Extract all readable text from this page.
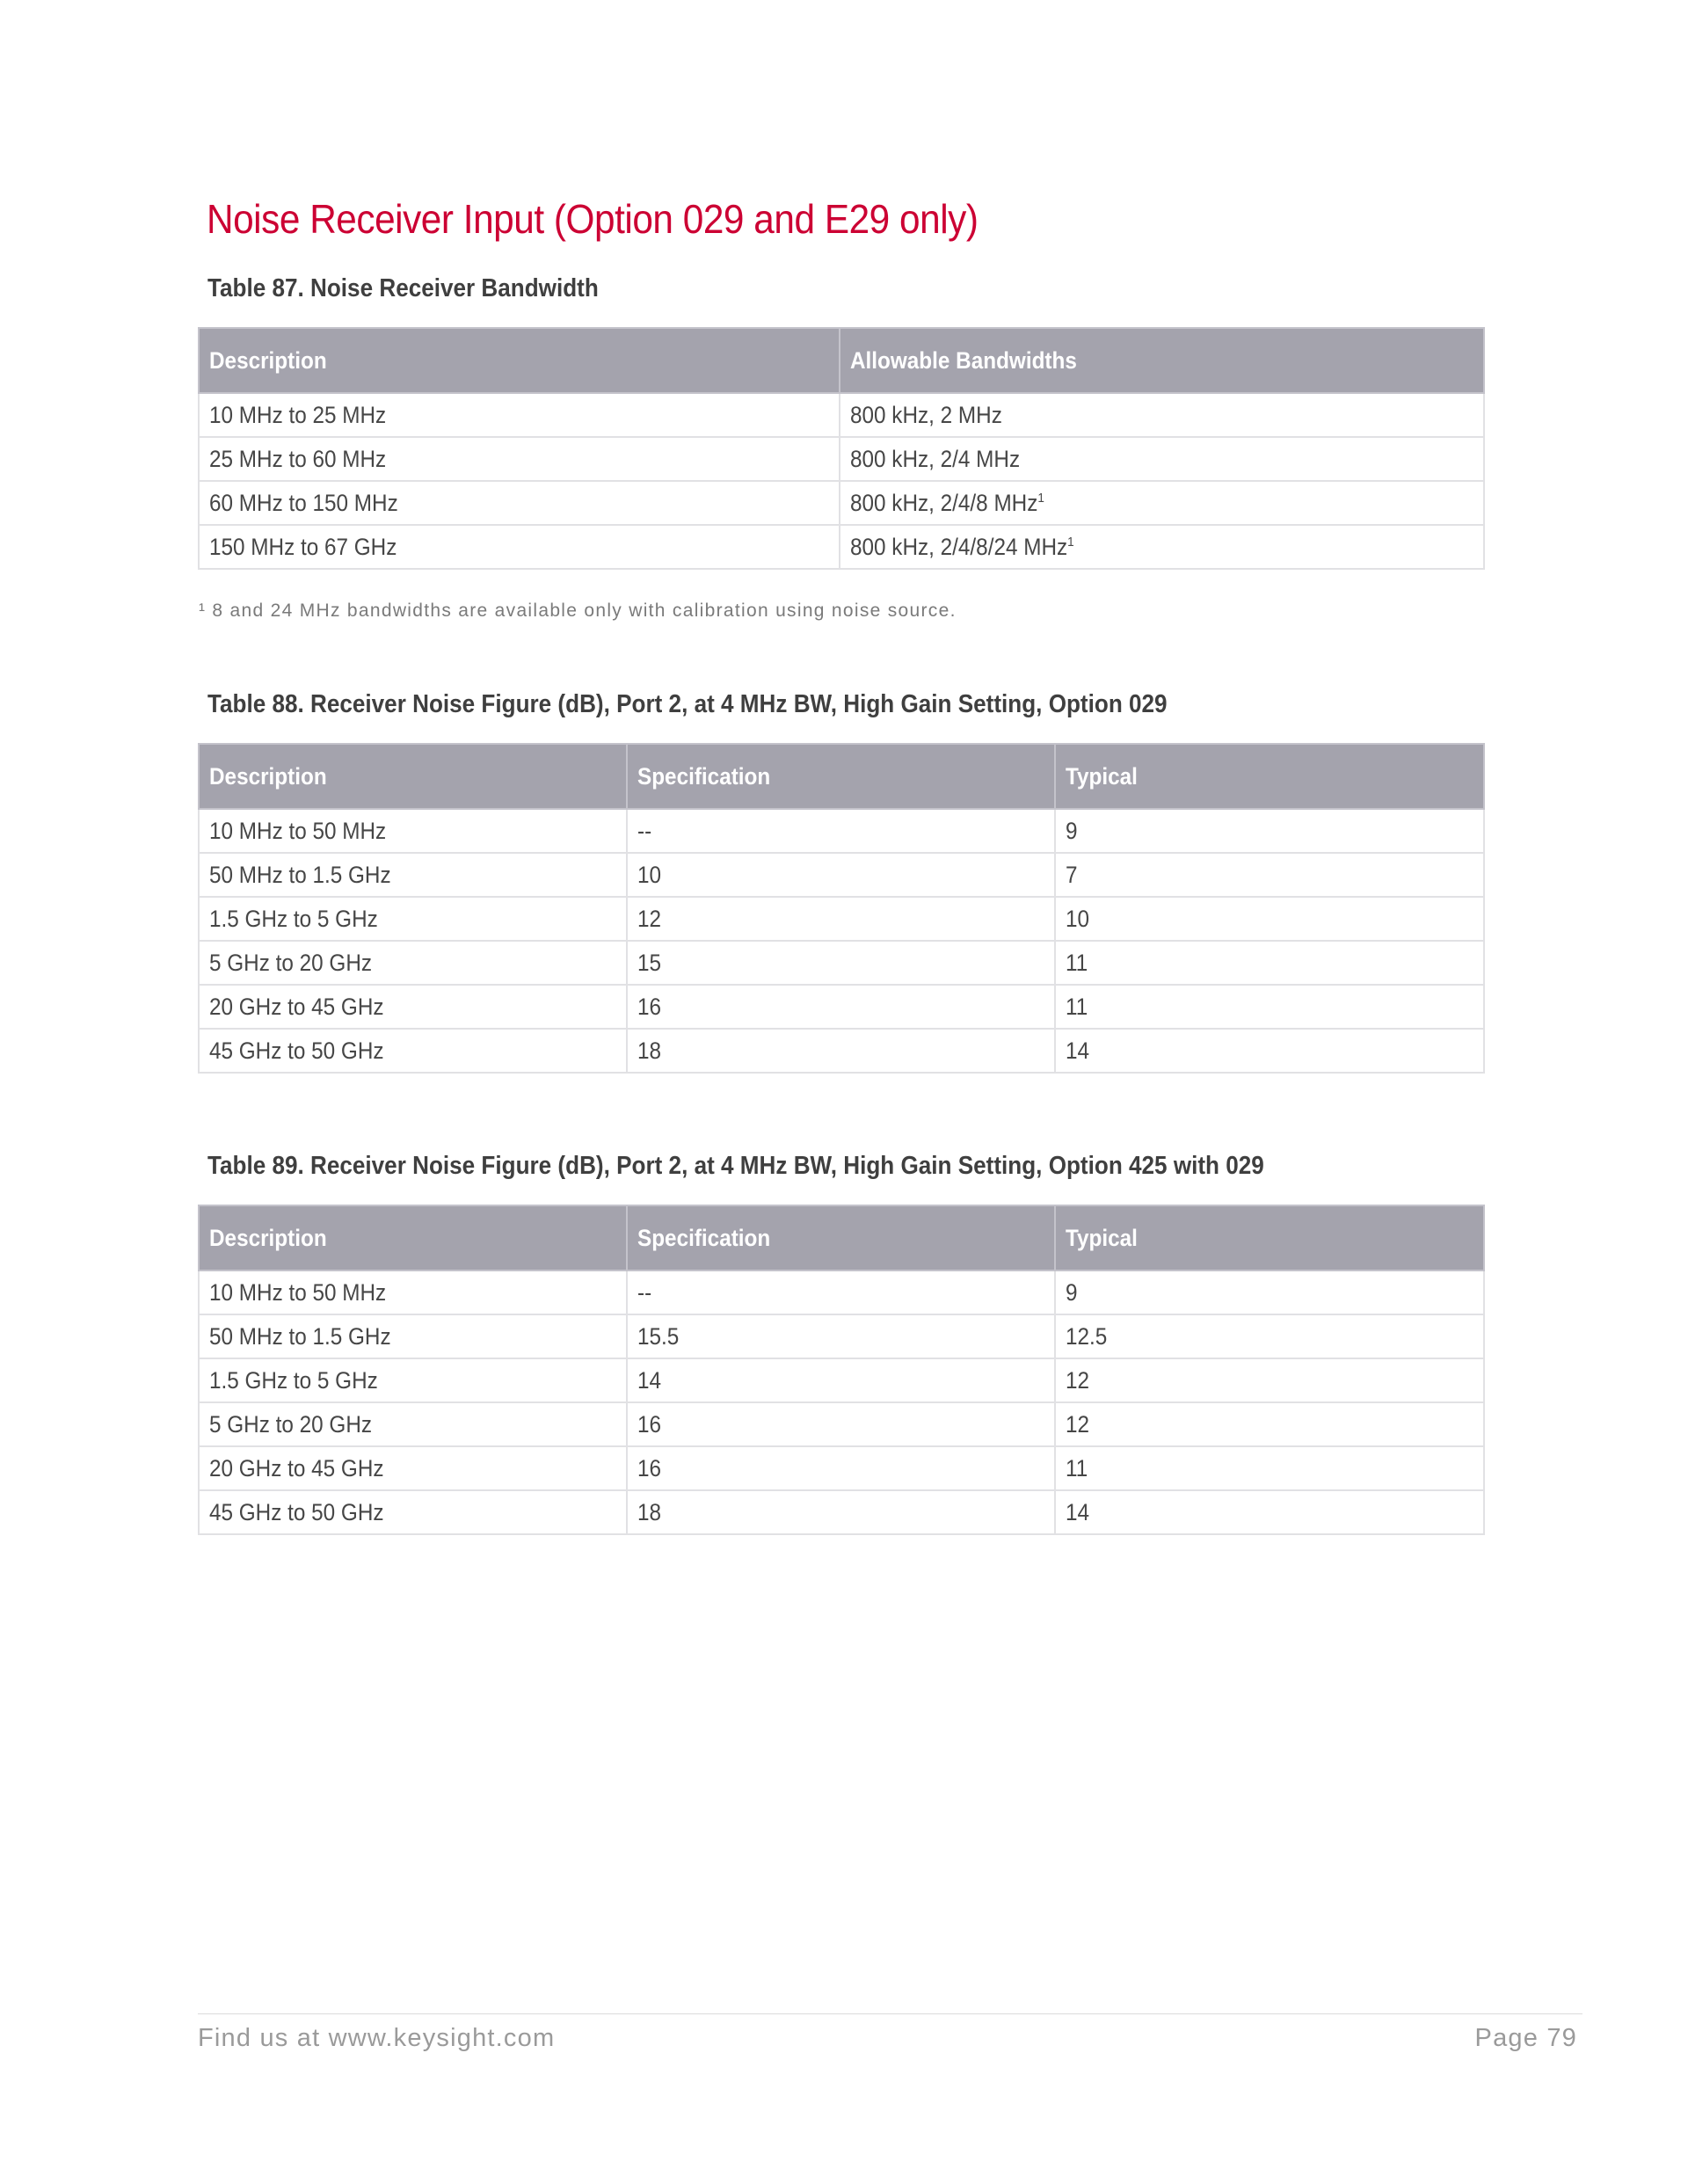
Noise Receiver Input (Option 029 and E29 only)

Table 87. Noise Receiver Bandwidth

Description	Allowable Bandwidths
10 MHz to 25 MHz	800 kHz, 2 MHz
25 MHz to 60 MHz	800 kHz, 2/4 MHz
60 MHz to 150 MHz	800 kHz, 2/4/8 MHz$^1$
150 MHz to 67 GHz	800 kHz, 2/4/8/24 MHz$^1$

¹ 8 and 24 MHz bandwidths are available only with calibration using noise source.

Table 88. Receiver Noise Figure (dB), Port 2, at 4 MHz BW, High Gain Setting, Option 029

Description	Specification	Typical
10 MHz to 50 MHz	--	9
50 MHz to 1.5 GHz	10	7
1.5 GHz to 5 GHz	12	10
5 GHz to 20 GHz	15	11
20 GHz to 45 GHz	16	11
45 GHz to 50 GHz	18	14

Table 89. Receiver Noise Figure (dB), Port 2, at 4 MHz BW, High Gain Setting, Option 425 with 029

Description	Specification	Typical
10 MHz to 50 MHz	--	9
50 MHz to 1.5 GHz	15.5	12.5
1.5 GHz to 5 GHz	14	12
5 GHz to 20 GHz	16	12
20 GHz to 45 GHz	16	11
45 GHz to 50 GHz	18	14
Find us at www.keysight.com	Page 79
